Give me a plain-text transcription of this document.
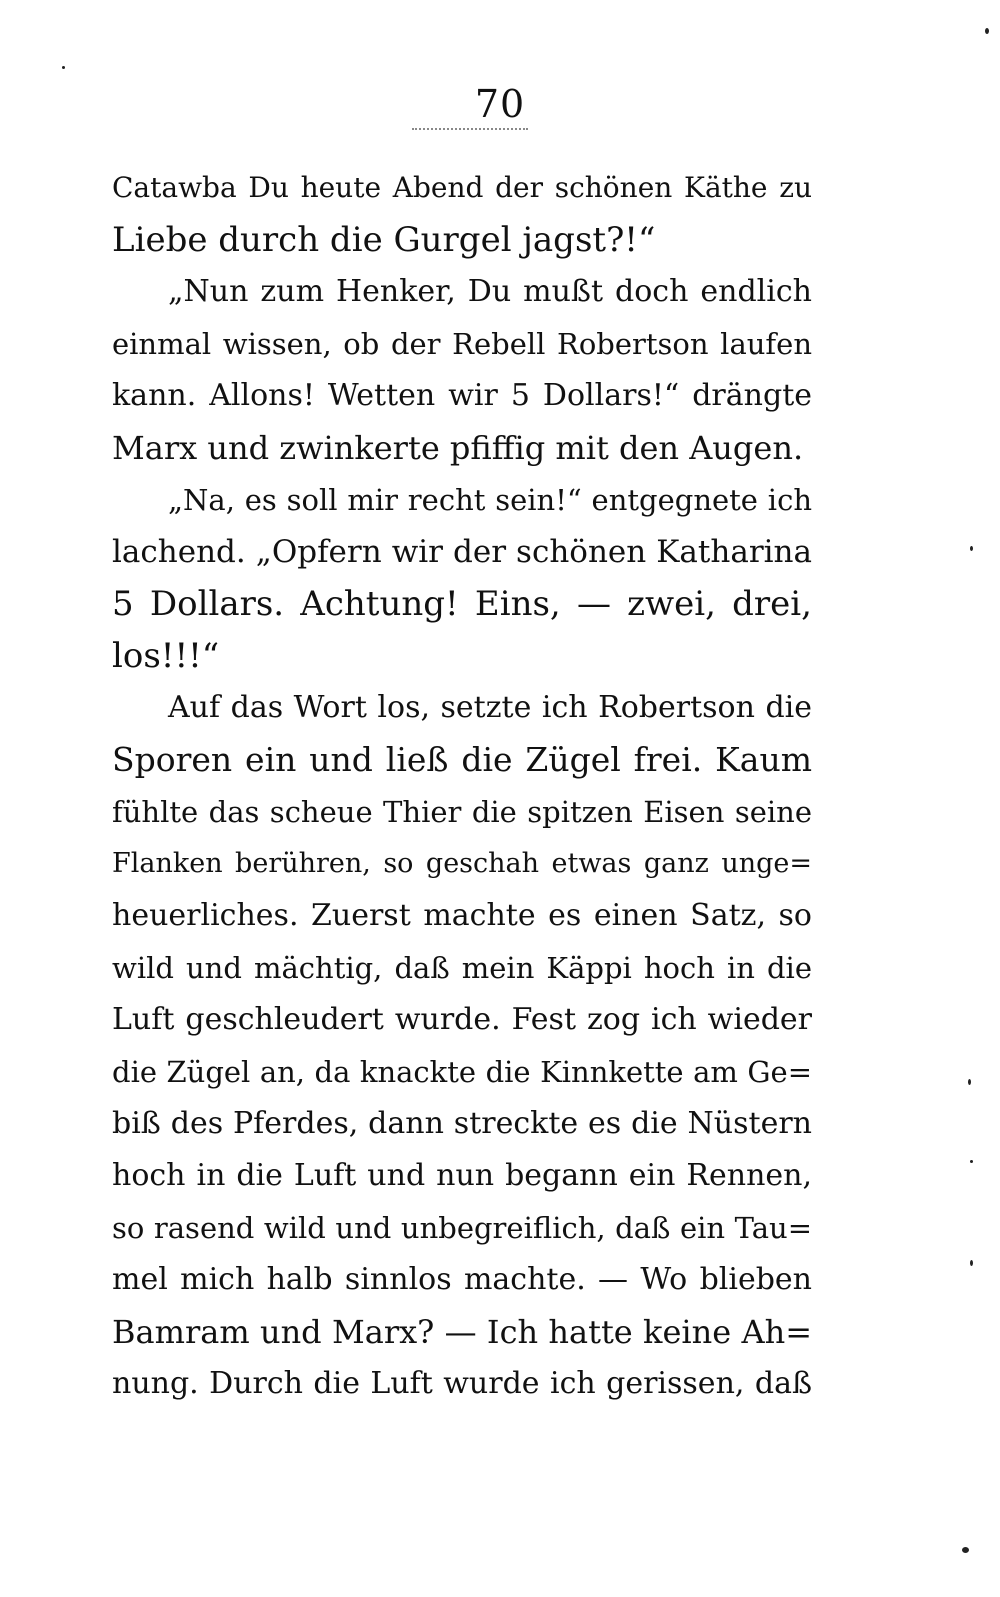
70
Catawba Du heute Abend der schönen Käthe zu
Liebe durch die Gurgel jagst?!“
„Nun zum Henker, Du mußt doch endlich
einmal wissen, ob der Rebell Robertson laufen
kann. Allons! Wetten wir 5 Dollars!“ drängte
Marx und zwinkerte pfiffig mit den Augen.
„Na, es soll mir recht sein!“ entgegnete ich
lachend. „Opfern wir der schönen Katharina
5 Dollars. Achtung! Eins, — zwei, drei,
los!!!“
Auf das Wort los, setzte ich Robertson die
Sporen ein und ließ die Zügel frei. Kaum
fühlte das scheue Thier die spitzen Eisen seine
Flanken berühren, so geschah etwas ganz unge=
heuerliches. Zuerst machte es einen Satz, so
wild und mächtig, daß mein Käppi hoch in die
Luft geschleudert wurde. Fest zog ich wieder
die Zügel an, da knackte die Kinnkette am Ge=
biß des Pferdes, dann streckte es die Nüstern
hoch in die Luft und nun begann ein Rennen,
so rasend wild und unbegreiflich, daß ein Tau=
mel mich halb sinnlos machte. — Wo blieben
Bamram und Marx? — Ich hatte keine Ah=
nung. Durch die Luft wurde ich gerissen, daß
